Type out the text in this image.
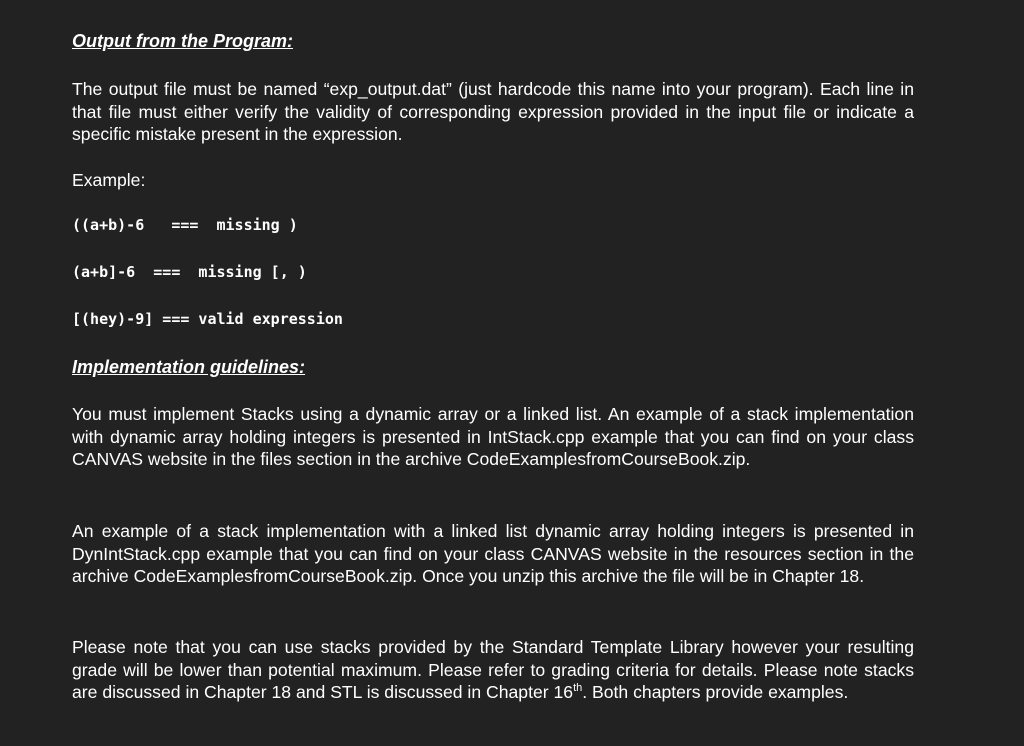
Output from the Program:
The output file must be named “exp_output.dat” (just hardcode this name into your program). Each line in that file must either verify the validity of corresponding expression provided in the input file or indicate a specific mistake present in the expression.
Example:
((a+b)-6   ===  missing )
(a+b]-6  ===  missing [, )
[(hey)-9] === valid expression
Implementation guidelines:
You must implement Stacks using a dynamic array or a linked list. An example of a stack implementation with dynamic array holding integers is presented in IntStack.cpp example that you can find on your class CANVAS website in the files section in the archive CodeExamplesfromCourseBook.zip.
An example of a stack implementation with a linked list dynamic array holding integers is presented in DynIntStack.cpp example that you can find on your class CANVAS website in the resources section in the archive CodeExamplesfromCourseBook.zip. Once you unzip this archive the file will be in Chapter 18.
Please note that you can use stacks provided by the Standard Template Library however your resulting grade will be lower than potential maximum. Please refer to grading criteria for details. Please note stacks are discussed in Chapter 18 and STL is discussed in Chapter 16th. Both chapters provide examples.
